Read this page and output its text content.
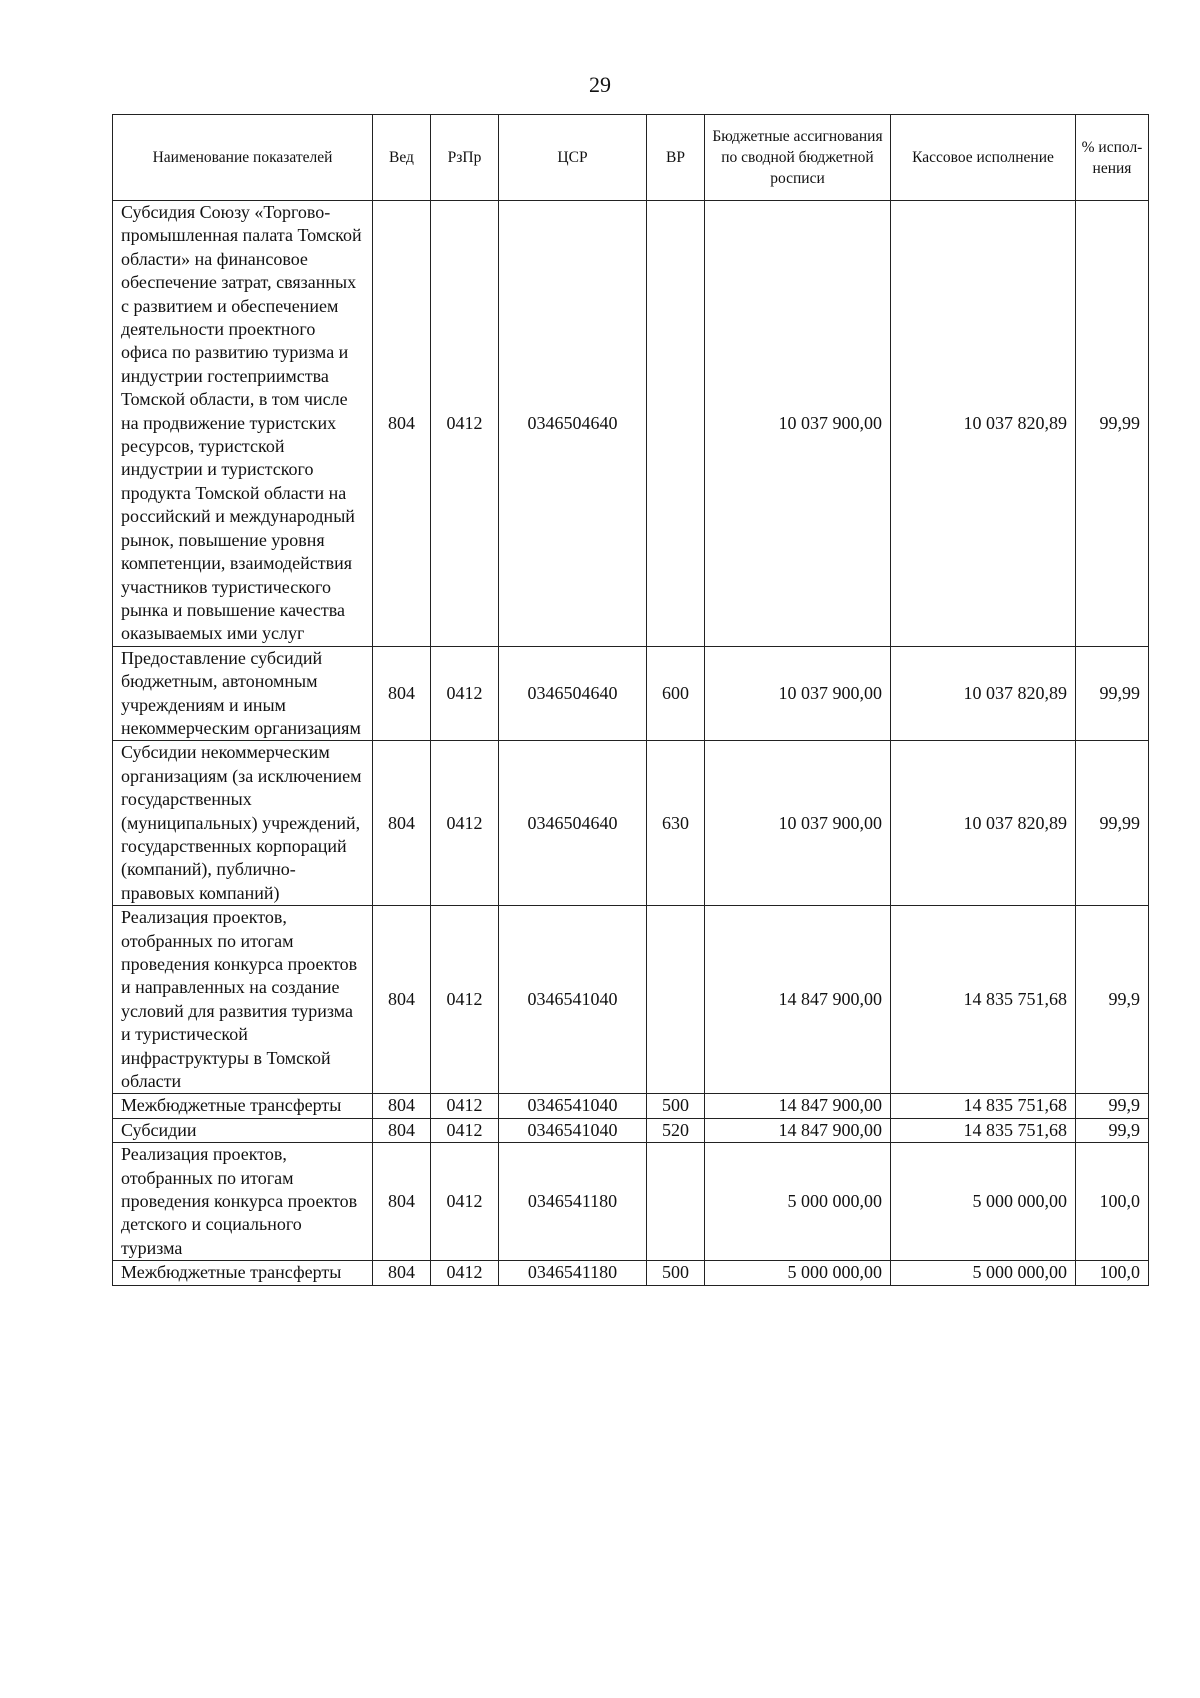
29
Наименование показателей	Вед	РзПр	ЦСР	ВР	Бюджетные ассигнования по сводной бюджетной росписи	Кассовое исполнение	% испол-нения
Субсидия Союзу «Торгово-промышленная палата Томской области» на финансовое обеспечение затрат, связанных с развитием и обеспечением деятельности проектного офиса по развитию туризма и индустрии гостеприимства Томской области, в том числе на продвижение туристских ресурсов, туристской индустрии и туристского продукта Томской области на российский и международный рынок, повышение уровня компетенции, взаимодействия участников туристического рынка и повышение качества оказываемых ими услуг	804	0412	0346504640		10 037 900,00	10 037 820,89	99,99
Предоставление субсидий бюджетным, автономным учреждениям и иным некоммерческим организациям	804	0412	0346504640	600	10 037 900,00	10 037 820,89	99,99
Субсидии некоммерческим организациям (за исключением государственных (муниципальных) учреждений, государственных корпораций (компаний), публично-правовых компаний)	804	0412	0346504640	630	10 037 900,00	10 037 820,89	99,99
Реализация проектов, отобранных по итогам проведения конкурса проектов и направленных на создание условий для развития туризма и туристической инфраструктуры в Томской области	804	0412	0346541040		14 847 900,00	14 835 751,68	99,9
Межбюджетные трансферты	804	0412	0346541040	500	14 847 900,00	14 835 751,68	99,9
Субсидии	804	0412	0346541040	520	14 847 900,00	14 835 751,68	99,9
Реализация проектов, отобранных по итогам проведения конкурса проектов детского и социального туризма	804	0412	0346541180		5 000 000,00	5 000 000,00	100,0
Межбюджетные трансферты	804	0412	0346541180	500	5 000 000,00	5 000 000,00	100,0
